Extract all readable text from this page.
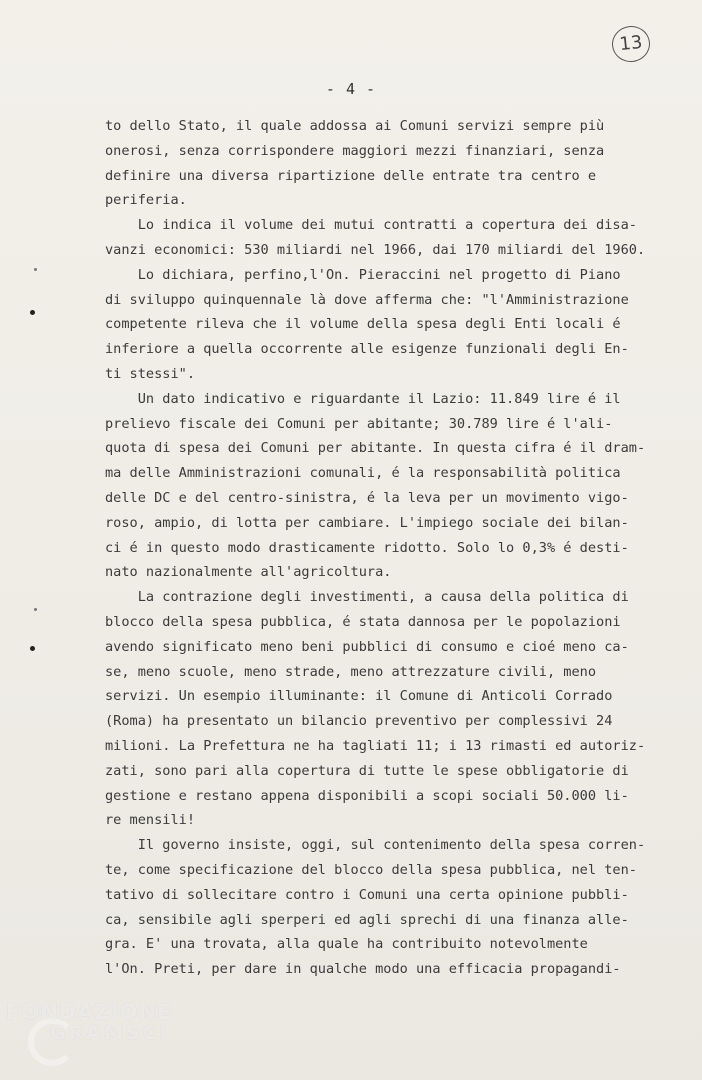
13
- 4 -
to dello Stato, il quale addossa ai Comuni servizi sempre più
onerosi, senza corrispondere maggiori mezzi finanziari, senza
definire una diversa ripartizione delle entrate tra centro e
periferia.
Lo indica il volume dei mutui contratti a copertura dei disa-
vanzi economici: 530 miliardi nel 1966, dai 170 miliardi del 1960.
Lo dichiara, perfino,l'On. Pieraccini nel progetto di Piano
di sviluppo quinquennale là dove afferma che: "l'Amministrazione
competente rileva che il volume della spesa degli Enti locali é
inferiore a quella occorrente alle esigenze funzionali degli En-
ti stessi".
Un dato indicativo e riguardante il Lazio: 11.849 lire é il
prelievo fiscale dei Comuni per abitante; 30.789 lire é l'ali-
quota di spesa dei Comuni per abitante. In questa cifra é il dram-
ma delle Amministrazioni comunali, é la responsabilità politica
delle DC e del centro-sinistra, é la leva per un movimento vigo-
roso, ampio, di lotta per cambiare. L'impiego sociale dei bilan-
ci é in questo modo drasticamente ridotto. Solo lo 0,3% é desti-
nato nazionalmente all'agricoltura.
La contrazione degli investimenti, a causa della politica di
blocco della spesa pubblica, é stata dannosa per le popolazioni
avendo significato meno beni pubblici di consumo e cioé meno ca-
se, meno scuole, meno strade, meno attrezzature civili, meno
servizi. Un esempio illuminante: il Comune di Anticoli Corrado
(Roma) ha presentato un bilancio preventivo per complessivi 24
milioni. La Prefettura ne ha tagliati 11; i 13 rimasti ed autoriz-
zati, sono pari alla copertura di tutte le spese obbligatorie di
gestione e restano appena disponibili a scopi sociali 50.000 li-
re mensili!
Il governo insiste, oggi, sul contenimento della spesa corren-
te, come specificazione del blocco della spesa pubblica, nel ten-
tativo di sollecitare contro i Comuni una certa opinione pubbli-
ca, sensibile agli sperperi ed agli sprechi di una finanza alle-
gra. E' una trovata, alla quale ha contribuito notevolmente
l'On. Preti, per dare in qualche modo una efficacia propagandi-
FONDAZIONE
GRAMSCI
